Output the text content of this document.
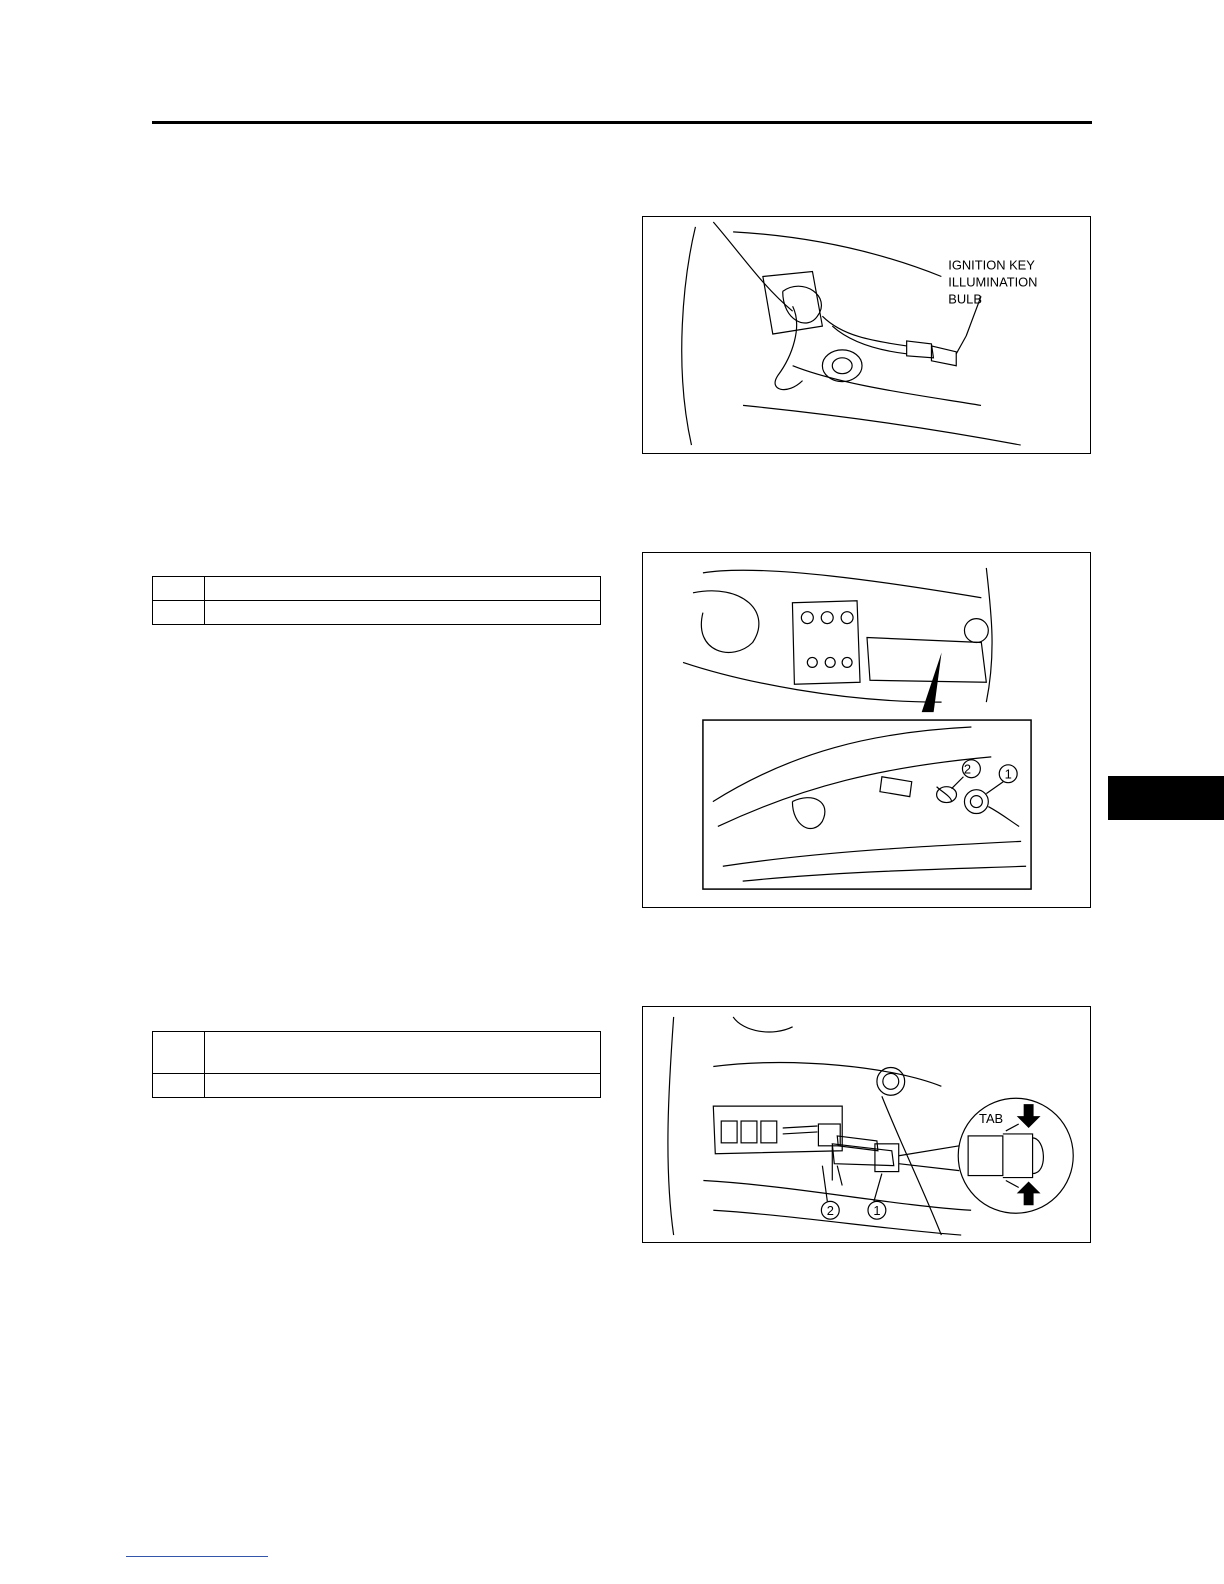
IGNITION KEY
ILLUMINATION
BULB

2	1

TAB
2	1
